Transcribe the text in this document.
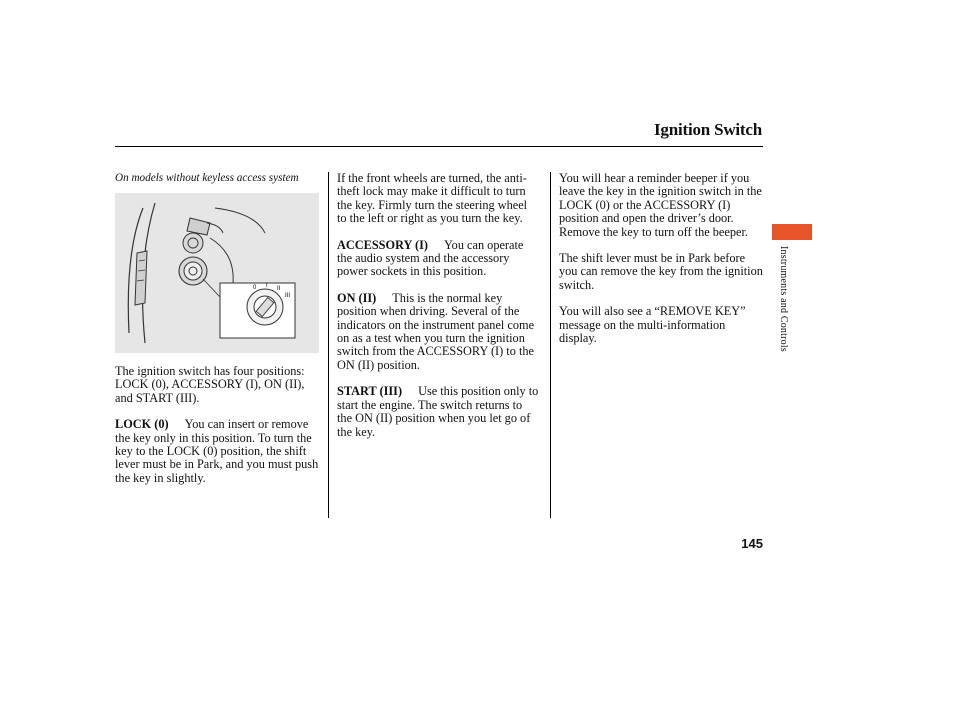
Ignition Switch
On models without keyless access system
0 I II
III

The ignition switch has four positions: LOCK (0), ACCESSORY (I), ON (II), and START (III).

LOCK (0) You can insert or remove the key only in this position. To turn the key to the LOCK (0) position, the shift lever must be in Park, and you must push the key in slightly.

If the front wheels are turned, the anti-theft lock may make it difficult to turn the key. Firmly turn the steering wheel to the left or right as you turn the key.

ACCESSORY (I) You can operate the audio system and the accessory power sockets in this position.

ON (II) This is the normal key position when driving. Several of the indicators on the instrument panel come on as a test when you turn the ignition switch from the ACCESSORY (I) to the ON (II) position.

START (III) Use this position only to start the engine. The switch returns to the ON (II) position when you let go of the key.

You will hear a reminder beeper if you leave the key in the ignition switch in the LOCK (0) or the ACCESSORY (I) position and open the driver’s door. Remove the key to turn off the beeper.

The shift lever must be in Park before you can remove the key from the ignition switch.

You will also see a “REMOVE KEY” message on the multi-information display.	Instruments and Controls
145
